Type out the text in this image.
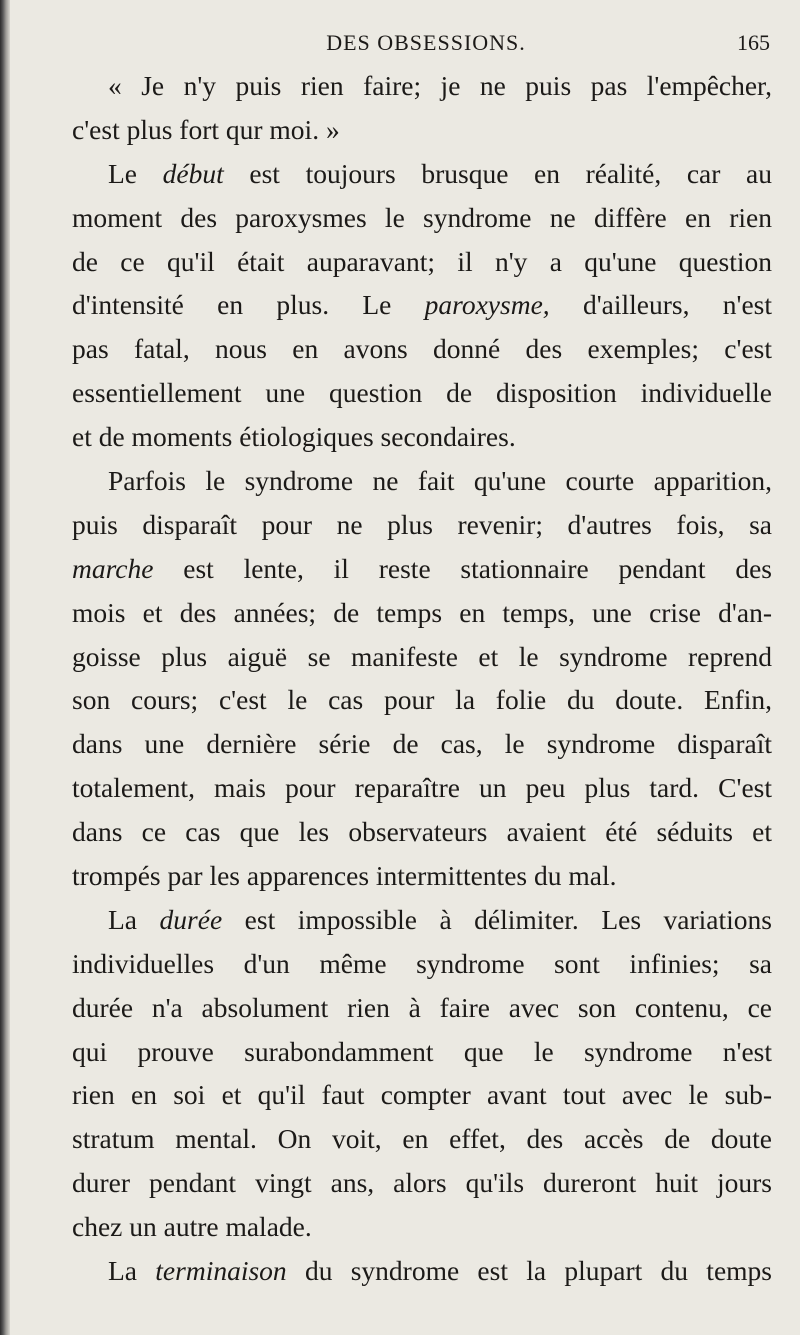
DES OBSESSIONS.	165
« Je n'y puis rien faire; je ne puis pas l'empêcher,
c'est plus fort qur moi. »
Le début est toujours brusque en réalité, car au
moment des paroxysmes le syndrome ne diffère en rien
de ce qu'il était auparavant; il n'y a qu'une question
d'intensité en plus. Le paroxysme, d'ailleurs, n'est
pas fatal, nous en avons donné des exemples; c'est
essentiellement une question de disposition individuelle
et de moments étiologiques secondaires.
Parfois le syndrome ne fait qu'une courte apparition,
puis disparaît pour ne plus revenir; d'autres fois, sa
marche est lente, il reste stationnaire pendant des
mois et des années; de temps en temps, une crise d'an-
goisse plus aiguë se manifeste et le syndrome reprend
son cours; c'est le cas pour la folie du doute. Enfin,
dans une dernière série de cas, le syndrome disparaît
totalement, mais pour reparaître un peu plus tard. C'est
dans ce cas que les observateurs avaient été séduits et
trompés par les apparences intermittentes du mal.
La durée est impossible à délimiter. Les variations
individuelles d'un même syndrome sont infinies; sa
durée n'a absolument rien à faire avec son contenu, ce
qui prouve surabondamment que le syndrome n'est
rien en soi et qu'il faut compter avant tout avec le sub-
stratum mental. On voit, en effet, des accès de doute
durer pendant vingt ans, alors qu'ils dureront huit jours
chez un autre malade.
La terminaison du syndrome est la plupart du temps
